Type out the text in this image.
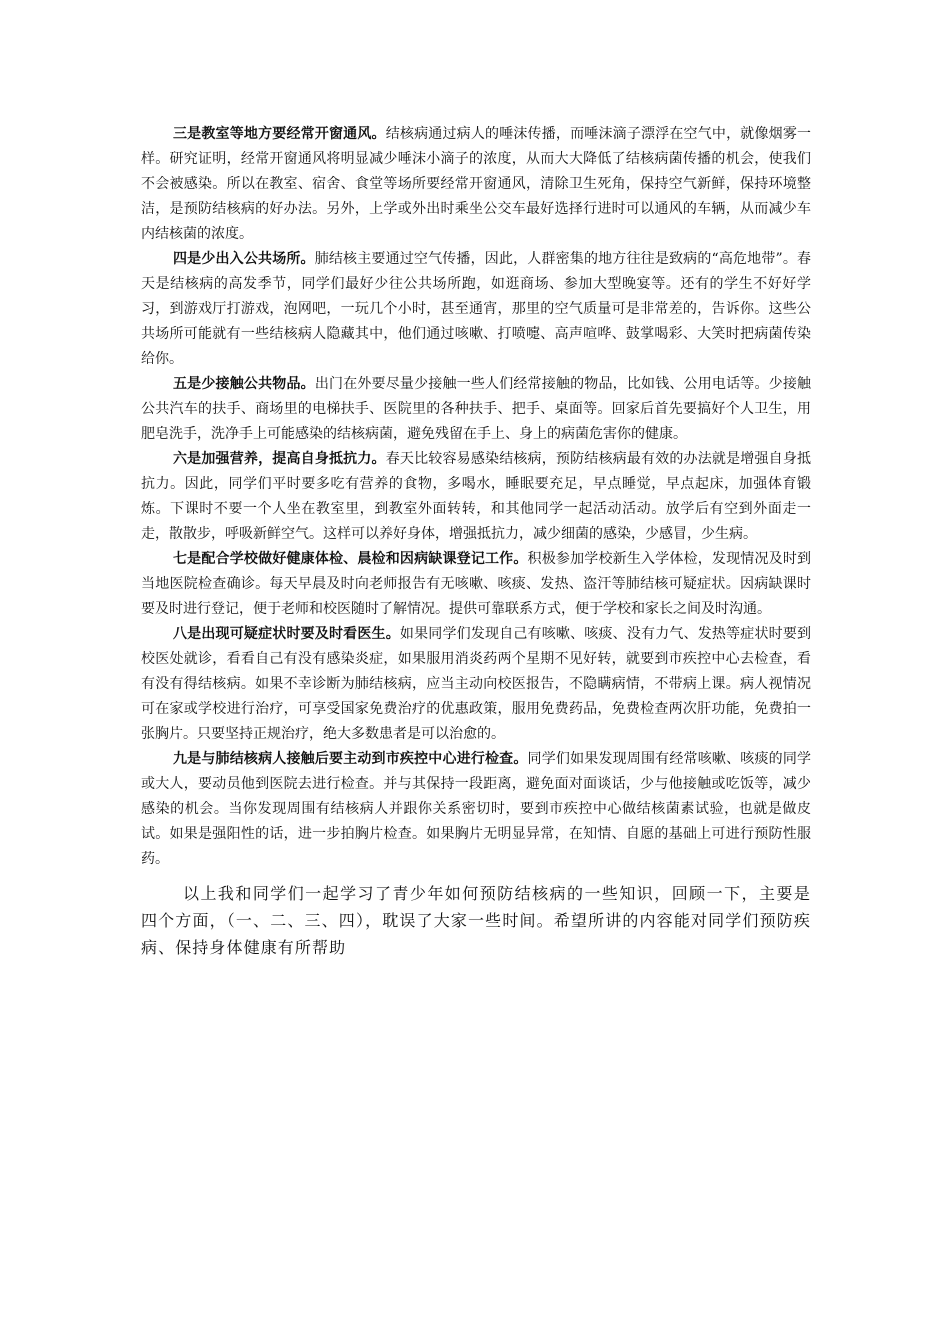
三是教室等地方要经常开窗通风。结核病通过病人的唾沫传播，而唾沫滴子漂浮在空气中，就像烟雾一样。研究证明，经常开窗通风将明显减少唾沫小滴子的浓度，从而大大降低了结核病菌传播的机会，使我们不会被感染。所以在教室、宿舍、食堂等场所要经常开窗通风，清除卫生死角，保持空气新鲜，保持环境整洁，是预防结核病的好办法。另外，上学或外出时乘坐公交车最好选择行进时可以通风的车辆，从而减少车内结核菌的浓度。

四是少出入公共场所。肺结核主要通过空气传播，因此，人群密集的地方往往是致病的“高危地带”。春天是结核病的高发季节，同学们最好少往公共场所跑，如逛商场、参加大型晚宴等。还有的学生不好好学习，到游戏厅打游戏，泡网吧，一玩几个小时，甚至通宵，那里的空气质量可是非常差的，告诉你。这些公共场所可能就有一些结核病人隐藏其中，他们通过咳嗽、打喷嚏、高声喧哗、鼓掌喝彩、大笑时把病菌传染给你。

五是少接触公共物品。出门在外要尽量少接触一些人们经常接触的物品，比如钱、公用电话等。少接触公共汽车的扶手、商场里的电梯扶手、医院里的各种扶手、把手、桌面等。回家后首先要搞好个人卫生，用肥皂洗手，洗净手上可能感染的结核病菌，避免残留在手上、身上的病菌危害你的健康。

六是加强营养，提高自身抵抗力。春天比较容易感染结核病，预防结核病最有效的办法就是增强自身抵抗力。因此，同学们平时要多吃有营养的食物，多喝水，睡眠要充足，早点睡觉，早点起床，加强体育锻炼。下课时不要一个人坐在教室里，到教室外面转转，和其他同学一起活动活动。放学后有空到外面走一走，散散步，呼吸新鲜空气。这样可以养好身体，增强抵抗力，减少细菌的感染，少感冒，少生病。

七是配合学校做好健康体检、晨检和因病缺课登记工作。积极参加学校新生入学体检，发现情况及时到当地医院检查确诊。每天早晨及时向老师报告有无咳嗽、咳痰、发热、盗汗等肺结核可疑症状。因病缺课时要及时进行登记，便于老师和校医随时了解情况。提供可靠联系方式，便于学校和家长之间及时沟通。

八是出现可疑症状时要及时看医生。如果同学们发现自己有咳嗽、咳痰、没有力气、发热等症状时要到校医处就诊，看看自己有没有感染炎症，如果服用消炎药两个星期不见好转，就要到市疾控中心去检查，看有没有得结核病。如果不幸诊断为肺结核病，应当主动向校医报告，不隐瞒病情，不带病上课。病人视情况可在家或学校进行治疗，可享受国家免费治疗的优惠政策，服用免费药品，免费检查两次肝功能，免费拍一张胸片。只要坚持正规治疗，绝大多数患者是可以治愈的。

九是与肺结核病人接触后要主动到市疾控中心进行检查。同学们如果发现周围有经常咳嗽、咳痰的同学或大人，要动员他到医院去进行检查。并与其保持一段距离，避免面对面谈话，少与他接触或吃饭等，减少感染的机会。当你发现周围有结核病人并跟你关系密切时，要到市疾控中心做结核菌素试验，也就是做皮试。如果是强阳性的话，进一步拍胸片检查。如果胸片无明显异常，在知情、自愿的基础上可进行预防性服药。

以上我和同学们一起学习了青少年如何预防结核病的一些知识，回顾一下，主要是四个方面，（一、二、三、四），耽误了大家一些时间。希望所讲的内容能对同学们预防疾病、保持身体健康有所帮助
